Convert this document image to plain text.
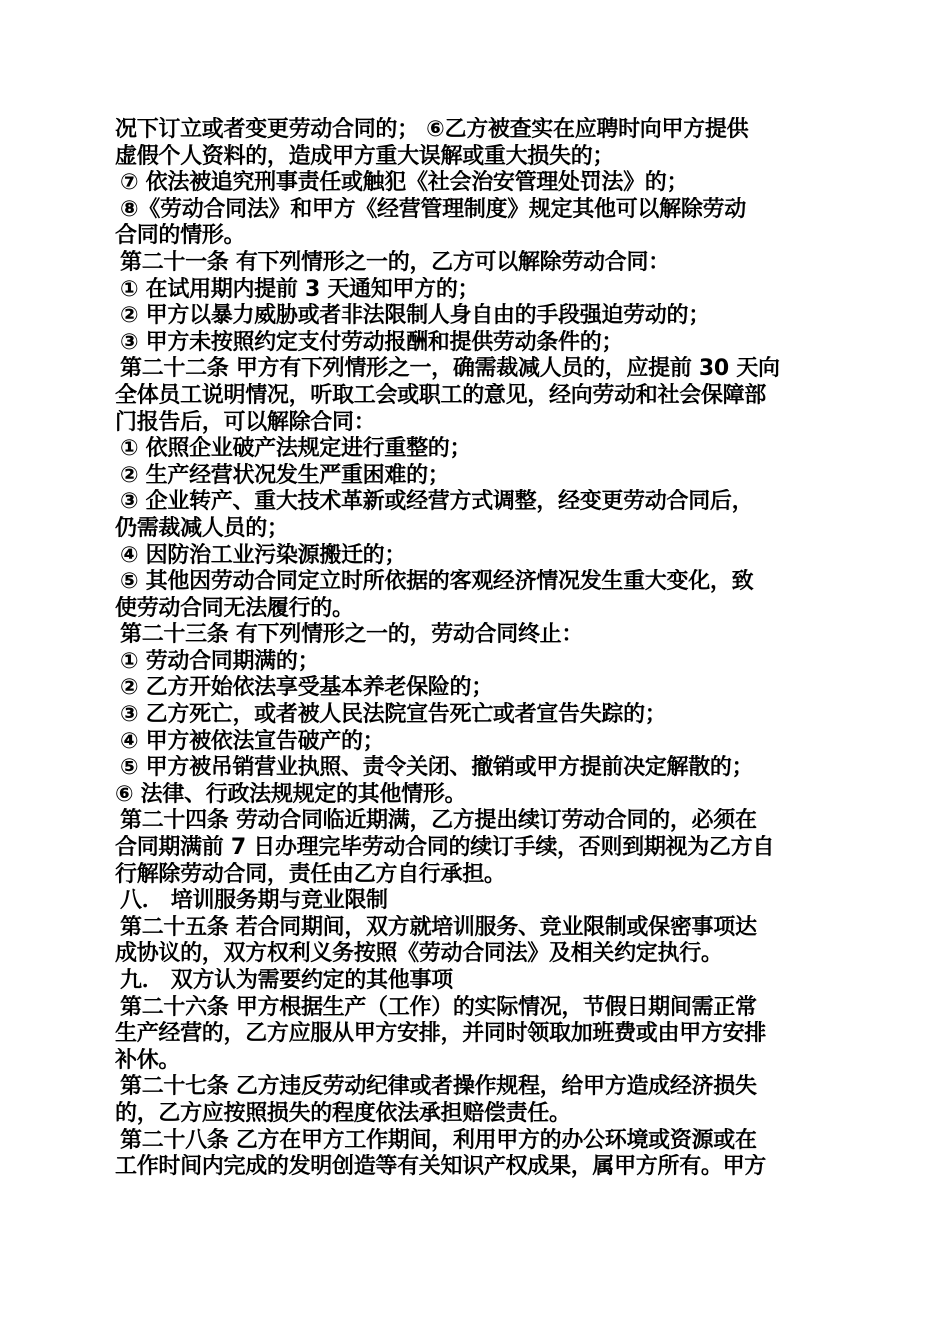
况下订立或者变更劳动合同的； ⑥乙方被查实在应聘时向甲方提供
虚假个人资料的，造成甲方重大误解或重大损失的；
⑦ 依法被追究刑事责任或触犯《社会治安管理处罚法》的；
⑧《劳动合同法》和甲方《经营管理制度》规定其他可以解除劳动
合同的情形。
第二十一条 有下列情形之一的，乙方可以解除劳动合同：
① 在试用期内提前 3 天通知甲方的；
② 甲方以暴力威胁或者非法限制人身自由的手段强迫劳动的；
③ 甲方未按照约定支付劳动报酬和提供劳动条件的；
第二十二条 甲方有下列情形之一，确需裁减人员的，应提前 30 天向
全体员工说明情况，听取工会或职工的意见，经向劳动和社会保障部
门报告后，可以解除合同：
① 依照企业破产法规定进行重整的；
② 生产经营状况发生严重困难的；
③ 企业转产、重大技术革新或经营方式调整，经变更劳动合同后，
仍需裁减人员的；
④ 因防治工业污染源搬迁的；
⑤ 其他因劳动合同定立时所依据的客观经济情况发生重大变化，致
使劳动合同无法履行的。
第二十三条 有下列情形之一的，劳动合同终止：
① 劳动合同期满的；
② 乙方开始依法享受基本养老保险的；
③ 乙方死亡，或者被人民法院宣告死亡或者宣告失踪的；
④ 甲方被依法宣告破产的；
⑤ 甲方被吊销营业执照、责令关闭、撤销或甲方提前决定解散的；
⑥ 法律、行政法规规定的其他情形。
第二十四条 劳动合同临近期满，乙方提出续订劳动合同的，必须在
合同期满前 7 日办理完毕劳动合同的续订手续，否则到期视为乙方自
行解除劳动合同，责任由乙方自行承担。
八． 培训服务期与竞业限制
第二十五条 若合同期间，双方就培训服务、竞业限制或保密事项达
成协议的，双方权利义务按照《劳动合同法》及相关约定执行。
九． 双方认为需要约定的其他事项
第二十六条 甲方根据生产（工作）的实际情况，节假日期间需正常
生产经营的，乙方应服从甲方安排，并同时领取加班费或由甲方安排
补休。
第二十七条 乙方违反劳动纪律或者操作规程，给甲方造成经济损失
的，乙方应按照损失的程度依法承担赔偿责任。
第二十八条 乙方在甲方工作期间，利用甲方的办公环境或资源或在
工作时间内完成的发明创造等有关知识产权成果，属甲方所有。甲方
